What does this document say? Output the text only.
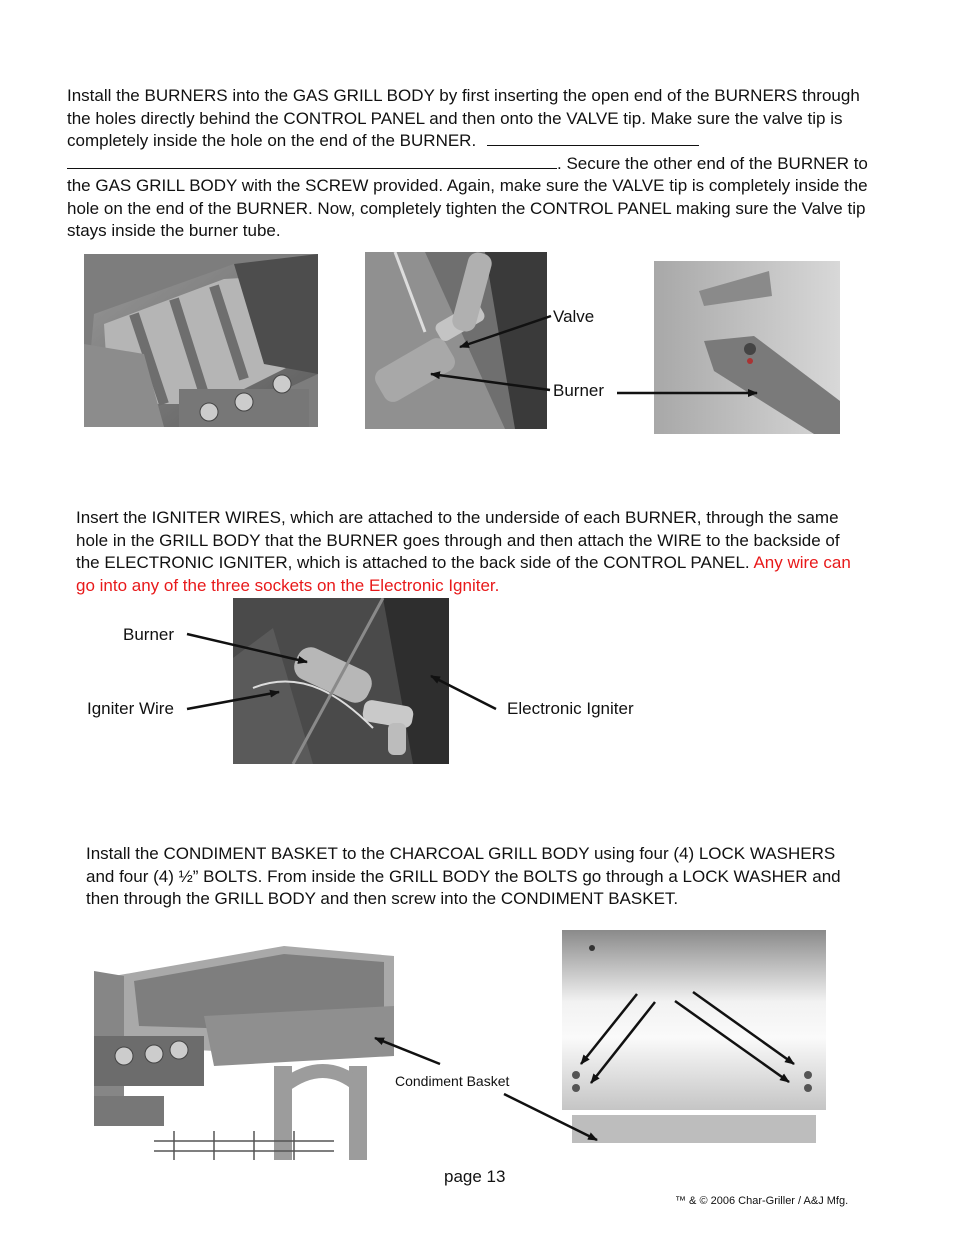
Install the BURNERS into the GAS GRILL BODY by first inserting the open end of the BURNERS through the holes directly behind the CONTROL PANEL and then onto the VALVE tip. Make sure the valve tip is completely inside the hole on the end of the BURNER.
. Secure the other end of the BURNER to the GAS GRILL BODY with the SCREW provided. Again, make sure the VALVE tip is completely inside the hole on the end of the BURNER. Now, completely tighten the CONTROL PANEL making sure the Valve tip stays inside the burner tube.
Valve
Burner
Insert the IGNITER WIRES, which are attached to the underside of each BURNER, through the same hole in the GRILL BODY that the BURNER goes through and then attach the WIRE to the backside of the ELECTRONIC IGNITER, which is attached to the back side of the CONTROL PANEL. Any wire can go into any of the three sockets on the Electronic Igniter.
Burner
Igniter Wire	Electronic Igniter
Install the CONDIMENT BASKET to the CHARCOAL GRILL BODY using four (4) LOCK WASHERS and four (4) ½” BOLTS. From inside the GRILL BODY the BOLTS go through a LOCK WASHER and then through the GRILL BODY and then screw into the CONDIMENT BASKET.
Condiment Basket
page 13
™ & © 2006 Char-Griller / A&J Mfg.
